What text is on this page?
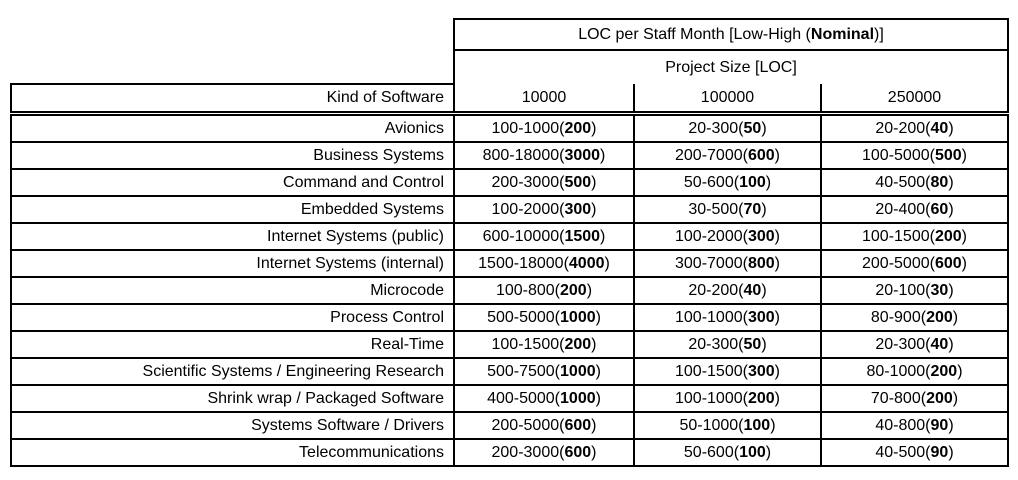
	LOC per Staff Month [Low-High (Nominal)]		
	Project Size [LOC]		
Kind of Software	10000	100000	250000
Avionics	100-1000(200)	20-300(50)	20-200(40)
Business Systems	800-18000(3000)	200-7000(600)	100-5000(500)
Command and Control	200-3000(500)	50-600(100)	40-500(80)
Embedded Systems	100-2000(300)	30-500(70)	20-400(60)
Internet Systems (public)	600-10000(1500)	100-2000(300)	100-1500(200)
Internet Systems (internal)	1500-18000(4000)	300-7000(800)	200-5000(600)
Microcode	100-800(200)	20-200(40)	20-100(30)
Process Control	500-5000(1000)	100-1000(300)	80-900(200)
Real-Time	100-1500(200)	20-300(50)	20-300(40)
Scientific Systems / Engineering Research	500-7500(1000)	100-1500(300)	80-1000(200)
Shrink wrap / Packaged Software	400-5000(1000)	100-1000(200)	70-800(200)
Systems Software / Drivers	200-5000(600)	50-1000(100)	40-800(90)
Telecommunications	200-3000(600)	50-600(100)	40-500(90)
